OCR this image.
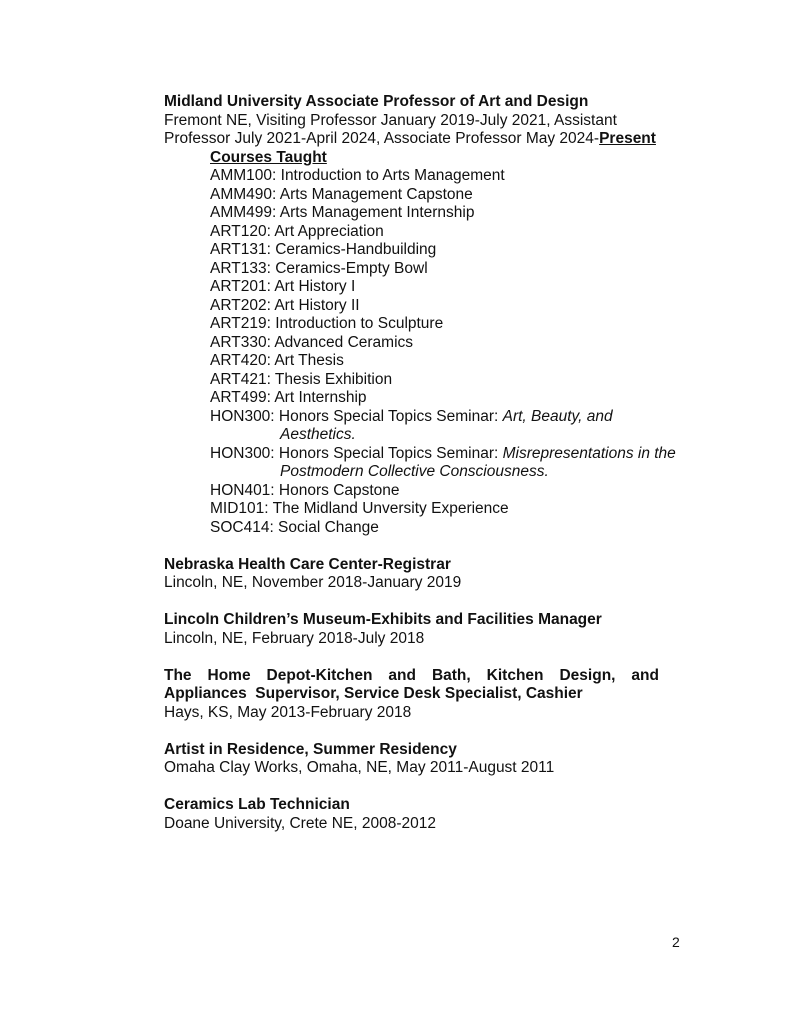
Midland University Associate Professor of Art and Design
Fremont NE, Visiting Professor January 2019-July 2021, Assistant
Professor July 2021-April 2024, Associate Professor May 2024-Present
Courses Taught
AMM100: Introduction to Arts Management
AMM490: Arts Management Capstone
AMM499: Arts Management Internship
ART120: Art Appreciation
ART131: Ceramics-Handbuilding
ART133: Ceramics-Empty Bowl
ART201: Art History I
ART202: Art History II
ART219: Introduction to Sculpture
ART330: Advanced Ceramics
ART420: Art Thesis
ART421: Thesis Exhibition
ART499: Art Internship
HON300: Honors Special Topics Seminar: Art, Beauty, and
Aesthetics.
HON300: Honors Special Topics Seminar: Misrepresentations in the
Postmodern Collective Consciousness.
HON401: Honors Capstone
MID101: The Midland Unversity Experience
SOC414: Social Change
Nebraska Health Care Center-Registrar
Lincoln, NE, November 2018-January 2019
Lincoln Children’s Museum-Exhibits and Facilities Manager
Lincoln, NE, February 2018-July 2018
The Home Depot-Kitchen and Bath, Kitchen Design, and
Appliances  Supervisor, Service Desk Specialist, Cashier
Hays, KS, May 2013-February 2018
Artist in Residence, Summer Residency
Omaha Clay Works, Omaha, NE, May 2011-August 2011
Ceramics Lab Technician
Doane University, Crete NE, 2008-2012
2
